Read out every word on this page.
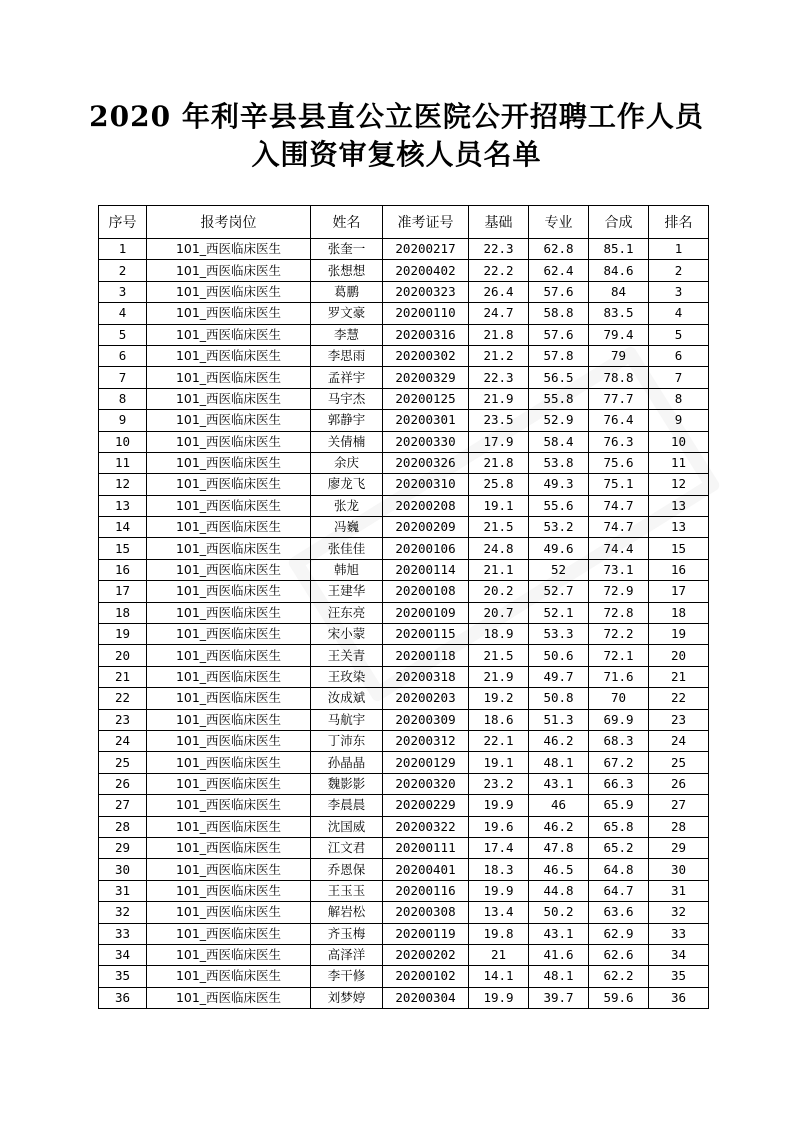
2020 年利辛县县直公立医院公开招聘工作人员
入围资审复核人员名单
序号	报考岗位	姓名	准考证号	基础	专业	合成	排名
1	101_西医临床医生	张奎一	20200217	22.3	62.8	85.1	1
2	101_西医临床医生	张想想	20200402	22.2	62.4	84.6	2
3	101_西医临床医生	葛鹏	20200323	26.4	57.6	84	3
4	101_西医临床医生	罗文豪	20200110	24.7	58.8	83.5	4
5	101_西医临床医生	李慧	20200316	21.8	57.6	79.4	5
6	101_西医临床医生	李思雨	20200302	21.2	57.8	79	6
7	101_西医临床医生	孟祥宇	20200329	22.3	56.5	78.8	7
8	101_西医临床医生	马宇杰	20200125	21.9	55.8	77.7	8
9	101_西医临床医生	郭静宇	20200301	23.5	52.9	76.4	9
10	101_西医临床医生	关倩楠	20200330	17.9	58.4	76.3	10
11	101_西医临床医生	余庆	20200326	21.8	53.8	75.6	11
12	101_西医临床医生	廖龙飞	20200310	25.8	49.3	75.1	12
13	101_西医临床医生	张龙	20200208	19.1	55.6	74.7	13
14	101_西医临床医生	冯巍	20200209	21.5	53.2	74.7	13
15	101_西医临床医生	张佳佳	20200106	24.8	49.6	74.4	15
16	101_西医临床医生	韩旭	20200114	21.1	52	73.1	16
17	101_西医临床医生	王建华	20200108	20.2	52.7	72.9	17
18	101_西医临床医生	汪东亮	20200109	20.7	52.1	72.8	18
19	101_西医临床医生	宋小蒙	20200115	18.9	53.3	72.2	19
20	101_西医临床医生	王关青	20200118	21.5	50.6	72.1	20
21	101_西医临床医生	王玫染	20200318	21.9	49.7	71.6	21
22	101_西医临床医生	汝成斌	20200203	19.2	50.8	70	22
23	101_西医临床医生	马航宇	20200309	18.6	51.3	69.9	23
24	101_西医临床医生	丁沛东	20200312	22.1	46.2	68.3	24
25	101_西医临床医生	孙晶晶	20200129	19.1	48.1	67.2	25
26	101_西医临床医生	魏影影	20200320	23.2	43.1	66.3	26
27	101_西医临床医生	李晨晨	20200229	19.9	46	65.9	27
28	101_西医临床医生	沈国威	20200322	19.6	46.2	65.8	28
29	101_西医临床医生	江文君	20200111	17.4	47.8	65.2	29
30	101_西医临床医生	乔恩保	20200401	18.3	46.5	64.8	30
31	101_西医临床医生	王玉玉	20200116	19.9	44.8	64.7	31
32	101_西医临床医生	解岩松	20200308	13.4	50.2	63.6	32
33	101_西医临床医生	齐玉梅	20200119	19.8	43.1	62.9	33
34	101_西医临床医生	高泽洋	20200202	21	41.6	62.6	34
35	101_西医临床医生	李干修	20200102	14.1	48.1	62.2	35
36	101_西医临床医生	刘梦婷	20200304	19.9	39.7	59.6	36
